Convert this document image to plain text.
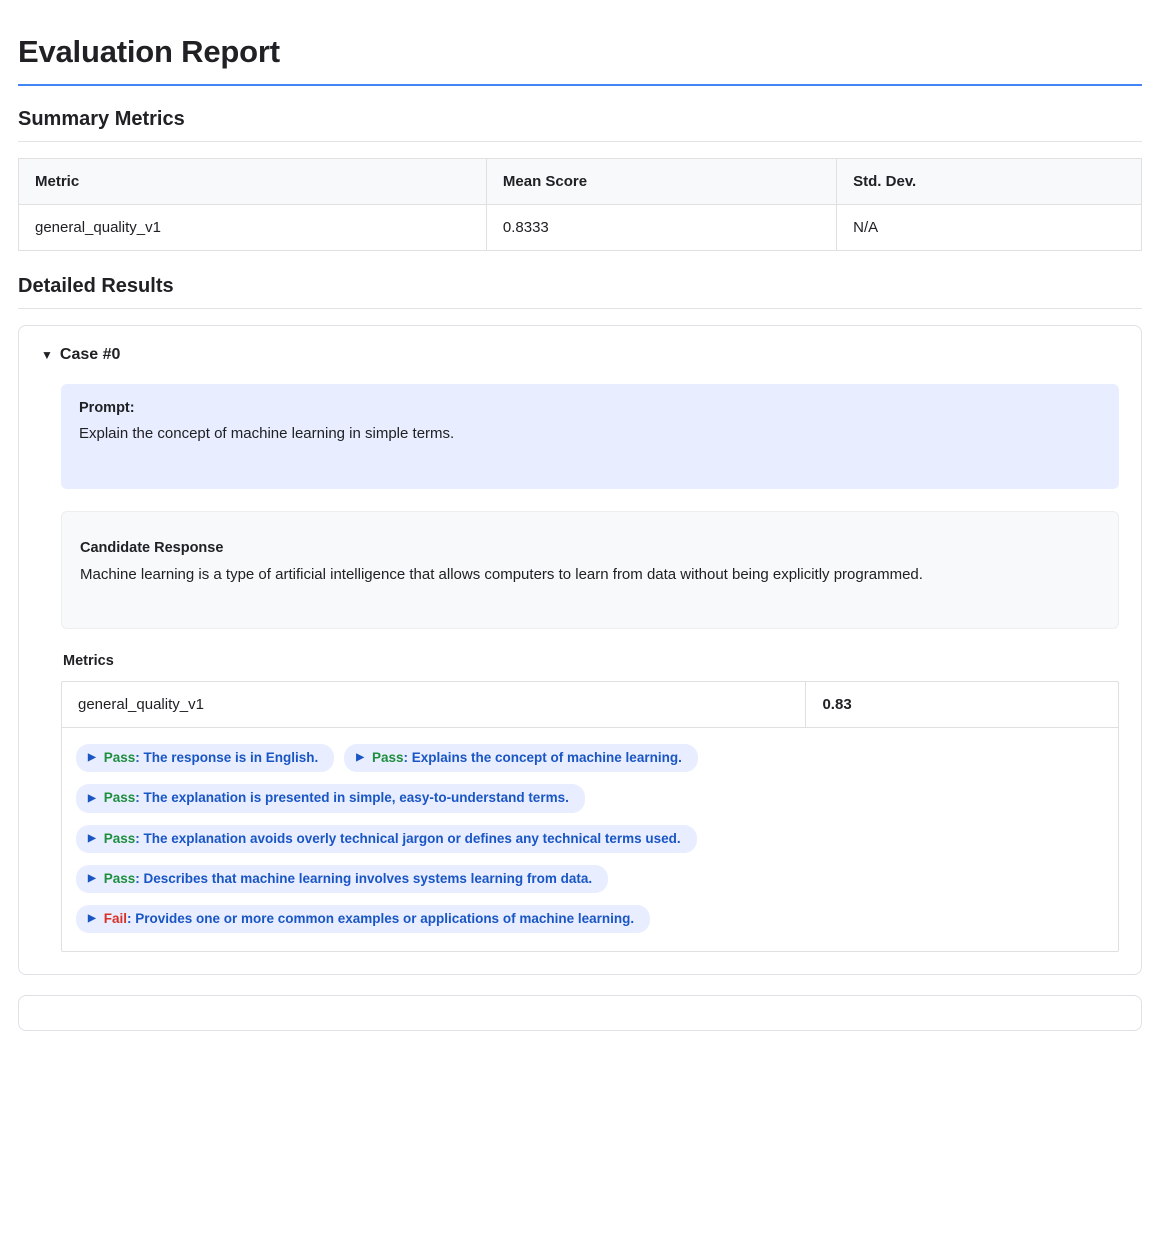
Evaluation Report
Summary Metrics
Metric	Mean Score	Std. Dev.
general_quality_v1	0.8333	N/A
Detailed Results
▼ Case #0
Prompt:
Explain the concept of machine learning in simple terms.
Candidate Response
Machine learning is a type of artificial intelligence that allows computers to learn from data without being explicitly programmed.
Metrics
general_quality_v1	0.83
▶ Pass: The response is in English.	▶ Pass: Explains the concept of machine learning.
▶ Pass: The explanation is presented in simple, easy-to-understand terms.
▶ Pass: The explanation avoids overly technical jargon or defines any technical terms used.
▶ Pass: Describes that machine learning involves systems learning from data.
▶ Fail: Provides one or more common examples or applications of machine learning.
